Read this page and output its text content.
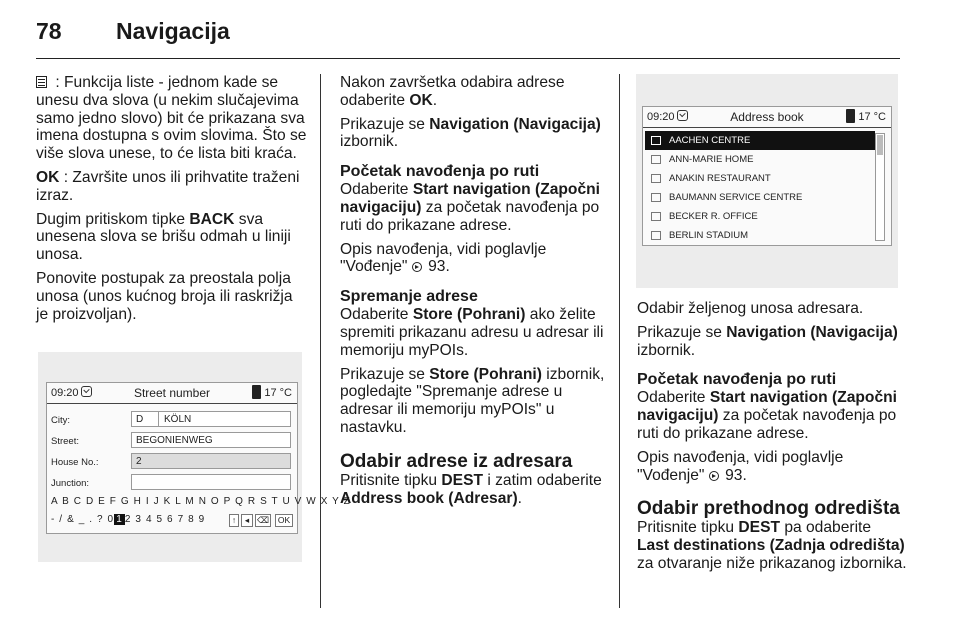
78 Navigacija

: Funkcija liste - jednom kade se unesu dva slova (u nekim slučajevima samo jedno slovo) bit će prikazana sva imena dostupna s ovim slovima. Što se više slova unese, to će lista biti kraća.

OK : Završite unos ili prihvatite traženi izraz.

Dugim pritiskom tipke BACK sva unesena slova se brišu odmah u liniji unosa.

Ponovite postupak za preostala polja unosa (unos kućnog broja ili raskrižja je proizvoljan).

09:20	Street number	17 °C
City:	D KÖLN
Street:	BEGONIENWEG
House No.:	2
Junction:
A B C D E F G H I J K L M N O P Q R S T U V W X Y Z
- / & _ . ? 0 1 2 3 4 5 6 7 8 9	↑	◂ ⌫	OK

Nakon završetka odabira adrese odaberite OK.

Prikazuje se Navigation (Navigacija) izbornik.

Početak navođenja po ruti

Odaberite Start navigation (Započni navigaciju) za početak navođenja po ruti do prikazane adrese.

Opis navođenja, vidi poglavlje "Vođenje"  93.

Spremanje adrese

Odaberite Store (Pohrani) ako želite spremiti prikazanu adresu u adresar ili memoriju myPOIs.

Prikazuje se Store (Pohrani) izbornik, pogledajte "Spremanje adrese u adresar ili memoriju myPOIs" u nastavku.

Odabir adrese iz adresara

Pritisnite tipku DEST i zatim odaberite Address book (Adresar).

09:20	Address book	17 °C
AACHEN CENTRE
ANN-MARIE HOME
ANAKIN RESTAURANT
BAUMANN SERVICE CENTRE
BECKER R. OFFICE
BERLIN STADIUM

Odabir željenog unosa adresara.

Prikazuje se Navigation (Navigacija) izbornik.

Početak navođenja po ruti

Odaberite Start navigation (Započni navigaciju) za početak navođenja po ruti do prikazane adrese.

Opis navođenja, vidi poglavlje "Vođenje"  93.

Odabir prethodnog odredišta

Pritisnite tipku DEST pa odaberite Last destinations (Zadnja odredišta) za otvaranje niže prikazanog izbornika.
